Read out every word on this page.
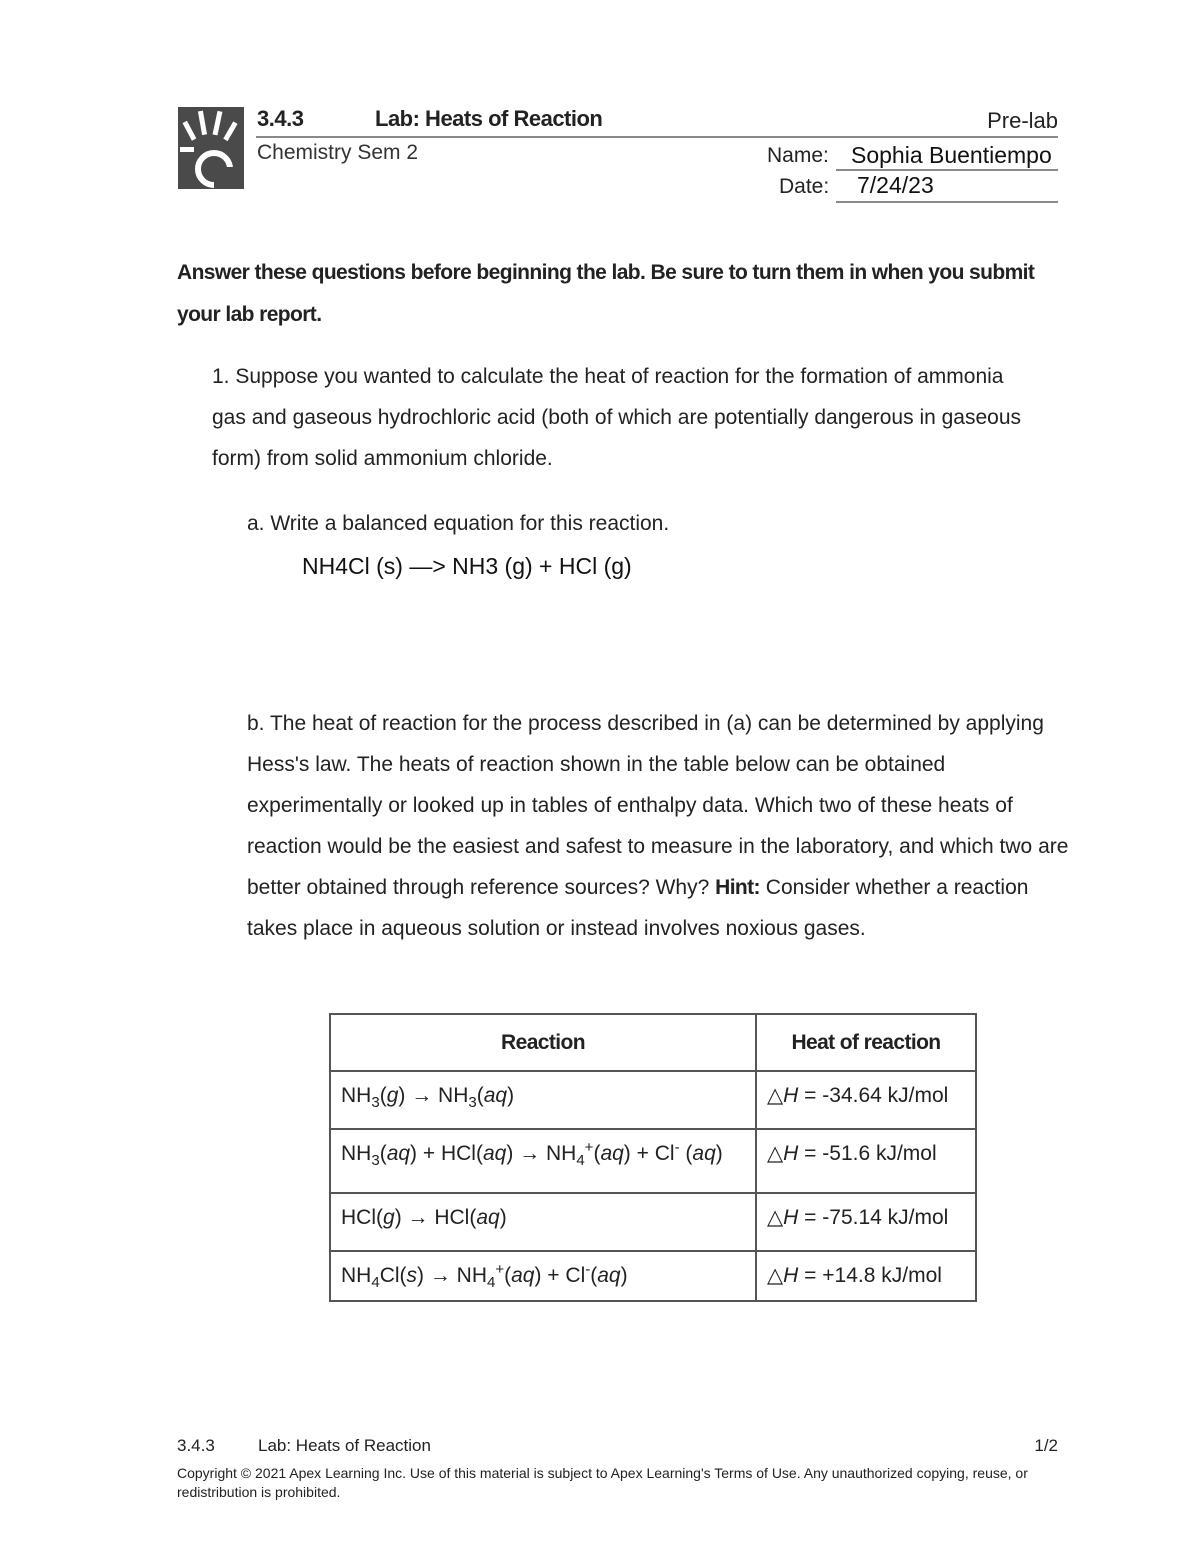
3.4.3	Lab: Heats of Reaction	Pre-lab
Chemistry Sem 2	Name: Sophia Buentiempo
Date: 7/24/23
Answer these questions before beginning the lab. Be sure to turn them in when you submit your lab report.
1. Suppose you wanted to calculate the heat of reaction for the formation of ammonia gas and gaseous hydrochloric acid (both of which are potentially dangerous in gaseous form) from solid ammonium chloride.
a. Write a balanced equation for this reaction.
NH4Cl (s) —> NH3 (g) + HCl (g)
b. The heat of reaction for the process described in (a) can be determined by applying Hess's law. The heats of reaction shown in the table below can be obtained experimentally or looked up in tables of enthalpy data. Which two of these heats of reaction would be the easiest and safest to measure in the laboratory, and which two are better obtained through reference sources? Why? Hint: Consider whether a reaction takes place in aqueous solution or instead involves noxious gases.
Reaction	Heat of reaction
$NH_3(g) \to NH_3(aq)$	△H = -34.64 kJ/mol
$NH_3(aq) + HCl(aq) \to NH_4^+(aq) + Cl^-$ (aq)	△H = -51.6 kJ/mol
HCl(g) → HCl(aq)	△H = -75.14 kJ/mol
$NH_4Cl(s) \to NH_4^+(aq) + Cl^-(aq)$	△H = +14.8 kJ/mol
3.4.3	Lab: Heats of Reaction	1/2
Copyright © 2021 Apex Learning Inc. Use of this material is subject to Apex Learning's Terms of Use. Any unauthorized copying, reuse, or redistribution is prohibited.
